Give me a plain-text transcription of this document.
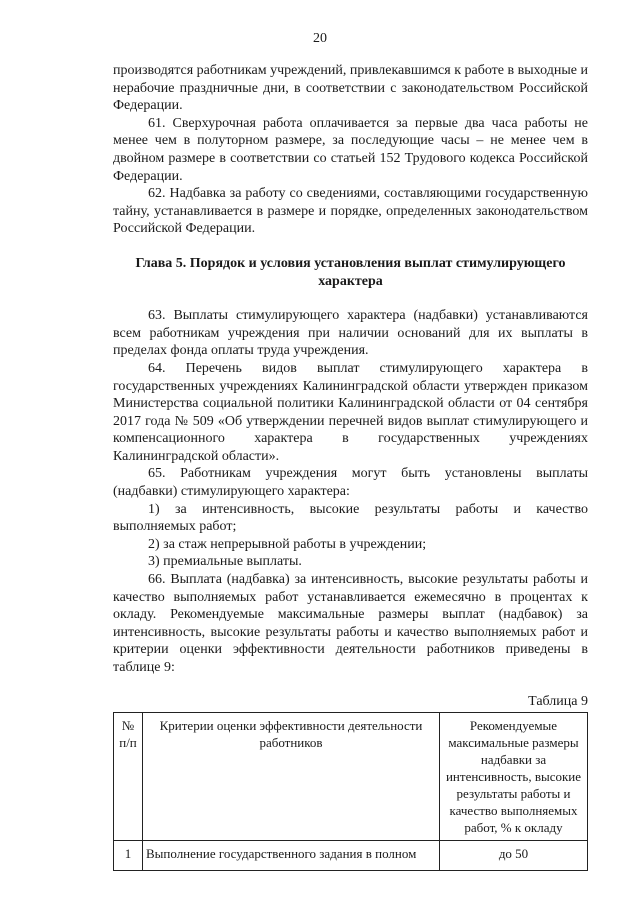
20

производятся работникам учреждений, привлекавшимся к работе в выходные и нерабочие праздничные дни, в соответствии с законодательством Российской Федерации.

61. Сверхурочная работа оплачивается за первые два часа работы не менее чем в полуторном размере, за последующие часы – не менее чем в двойном размере в соответствии со статьей 152 Трудового кодекса Российской Федерации.

62. Надбавка за работу со сведениями, составляющими государственную тайну, устанавливается в размере и порядке, определенных законодательством Российской Федерации.

Глава 5. Порядок и условия установления выплат стимулирующего характера

63. Выплаты стимулирующего характера (надбавки) устанавливаются всем работникам учреждения при наличии оснований для их выплаты в пределах фонда оплаты труда учреждения.

64. Перечень видов выплат стимулирующего характера в государственных учреждениях Калининградской области утвержден приказом Министерства социальной политики Калининградской области от 04 сентября 2017 года № 509 «Об утверждении перечней видов выплат стимулирующего и компенсационного характера в государственных учреждениях Калининградской области».

65. Работникам учреждения могут быть установлены выплаты (надбавки) стимулирующего характера:

1) за интенсивность, высокие результаты работы и качество выполняемых работ;

2) за стаж непрерывной работы в учреждении;

3) премиальные выплаты.

66. Выплата (надбавка) за интенсивность, высокие результаты работы и качество выполняемых работ устанавливается ежемесячно в процентах к окладу. Рекомендуемые максимальные размеры выплат (надбавок) за интенсивность, высокие результаты работы и качество выполняемых работ и критерии оценки эффективности деятельности работников приведены в таблице 9:

Таблица 9
№ п/п	Критерии оценки эффективности деятельности работников	Рекомендуемые максимальные размеры надбавки за интенсивность, высокие результаты работы и качество выполняемых работ, % к окладу
1	Выполнение государственного задания в полном	до 50
